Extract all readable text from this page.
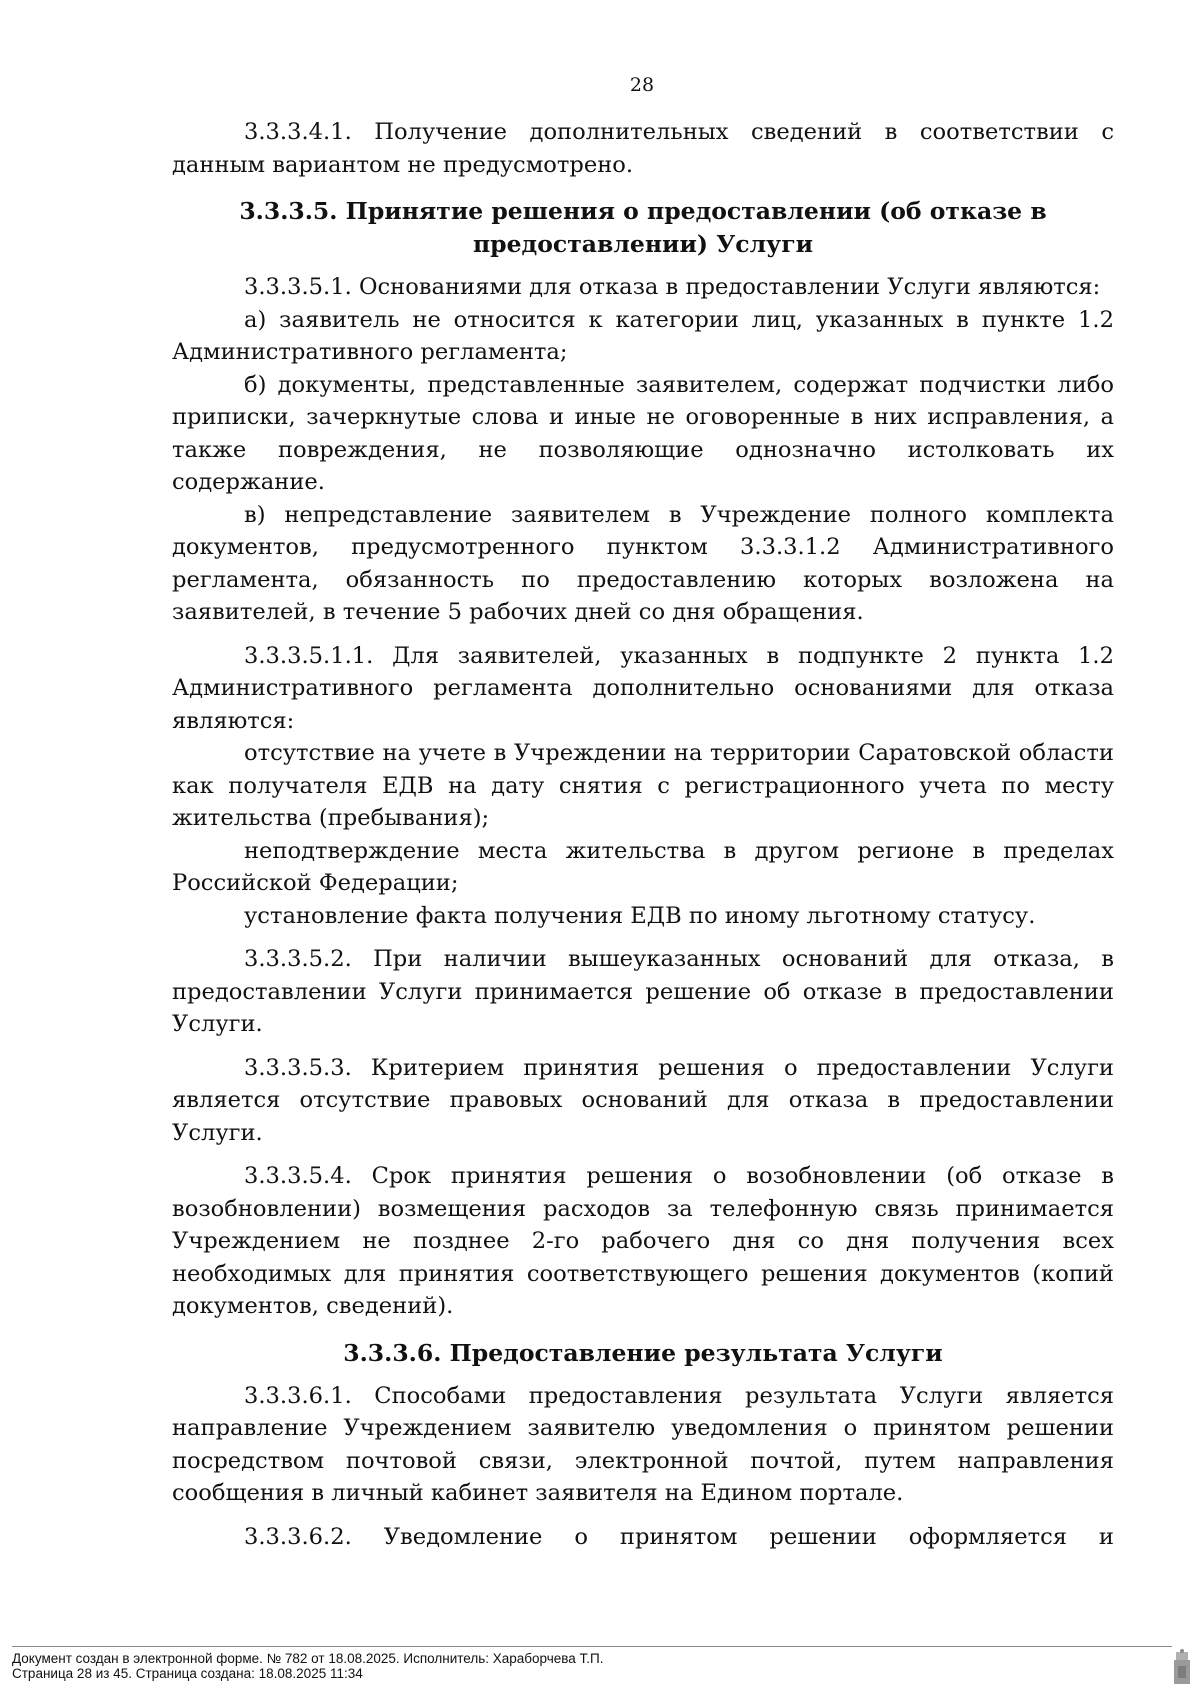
28

3.3.3.4.1. Получение дополнительных сведений в соответствии с данным вариантом не предусмотрено.

3.3.3.5. Принятие решения о предоставлении (об отказе в предоставлении) Услуги

3.3.3.5.1. Основаниями для отказа в предоставлении Услуги являются:

а) заявитель не относится к категории лиц, указанных в пункте 1.2 Административного регламента;

б) документы, представленные заявителем, содержат подчистки либо приписки, зачеркнутые слова и иные не оговоренные в них исправления, а также повреждения, не позволяющие однозначно истолковать их содержание.

в) непредставление заявителем в Учреждение полного комплекта документов, предусмотренного пунктом 3.3.3.1.2 Административного регламента, обязанность по предоставлению которых возложена на заявителей, в течение 5 рабочих дней со дня обращения.

3.3.3.5.1.1. Для заявителей, указанных в подпункте 2 пункта 1.2 Административного регламента дополнительно основаниями для отказа являются:

отсутствие на учете в Учреждении на территории Саратовской области как получателя ЕДВ на дату снятия с регистрационного учета по месту жительства (пребывания);

неподтверждение места жительства в другом регионе в пределах Российской Федерации;

установление факта получения ЕДВ по иному льготному статусу.

3.3.3.5.2. При наличии вышеуказанных оснований для отказа, в предоставлении Услуги принимается решение об отказе в предоставлении Услуги.

3.3.3.5.3. Критерием принятия решения о предоставлении Услуги является отсутствие правовых оснований для отказа в предоставлении Услуги.

3.3.3.5.4. Срок принятия решения о возобновлении (об отказе в возобновлении) возмещения расходов за телефонную связь принимается Учреждением не позднее 2-го рабочего дня со дня получения всех необходимых для принятия соответствующего решения документов (копий документов, сведений).

3.3.3.6. Предоставление результата Услуги

3.3.3.6.1. Способами предоставления результата Услуги является направление Учреждением заявителю уведомления о принятом решении посредством почтовой связи, электронной почтой, путем направления сообщения в личный кабинет заявителя на Едином портале.

3.3.3.6.2. Уведомление о принятом решении оформляется и

Документ создан в электронной форме. № 782 от 18.08.2025. Исполнитель: Хараборчева Т.П.
Страница 28 из 45. Страница создана: 18.08.2025 11:34
